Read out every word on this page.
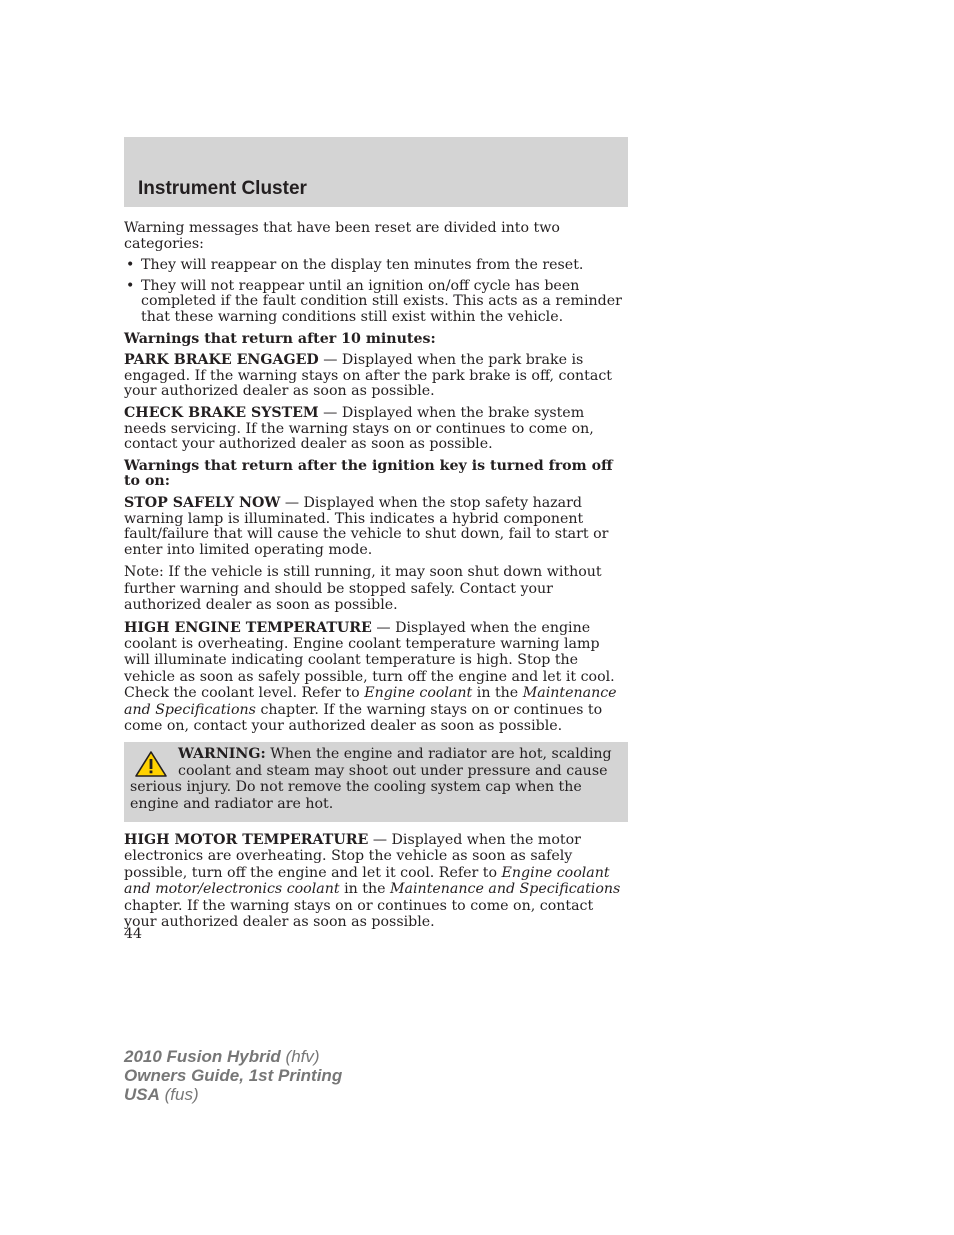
Instrument Cluster

Warning messages that have been reset are divided into two categories:

• They will reappear on the display ten minutes from the reset.
• They will not reappear until an ignition on/off cycle has been completed if the fault condition still exists. This acts as a reminder that these warning conditions still exist within the vehicle.

Warnings that return after 10 minutes:

PARK BRAKE ENGAGED — Displayed when the park brake is engaged. If the warning stays on after the park brake is off, contact your authorized dealer as soon as possible.

CHECK BRAKE SYSTEM — Displayed when the brake system needs servicing. If the warning stays on or continues to come on, contact your authorized dealer as soon as possible.

Warnings that return after the ignition key is turned from off to on:

STOP SAFELY NOW — Displayed when the stop safety hazard warning lamp is illuminated. This indicates a hybrid component fault/failure that will cause the vehicle to shut down, fail to start or enter into limited operating mode.

Note: If the vehicle is still running, it may soon shut down without further warning and should be stopped safely. Contact your authorized dealer as soon as possible.

HIGH ENGINE TEMPERATURE — Displayed when the engine coolant is overheating. Engine coolant temperature warning lamp will illuminate indicating coolant temperature is high. Stop the vehicle as soon as safely possible, turn off the engine and let it cool. Check the coolant level. Refer to Engine coolant in the Maintenance and Specifications chapter. If the warning stays on or continues to come on, contact your authorized dealer as soon as possible.

WARNING: When the engine and radiator are hot, scalding coolant and steam may shoot out under pressure and cause serious injury. Do not remove the cooling system cap when the engine and radiator are hot.

HIGH MOTOR TEMPERATURE — Displayed when the motor electronics are overheating. Stop the vehicle as soon as safely possible, turn off the engine and let it cool. Refer to Engine coolant and motor/electronics coolant in the Maintenance and Specifications chapter. If the warning stays on or continues to come on, contact your authorized dealer as soon as possible.

44
2010 Fusion Hybrid (hfv)
Owners Guide, 1st Printing
USA (fus)
